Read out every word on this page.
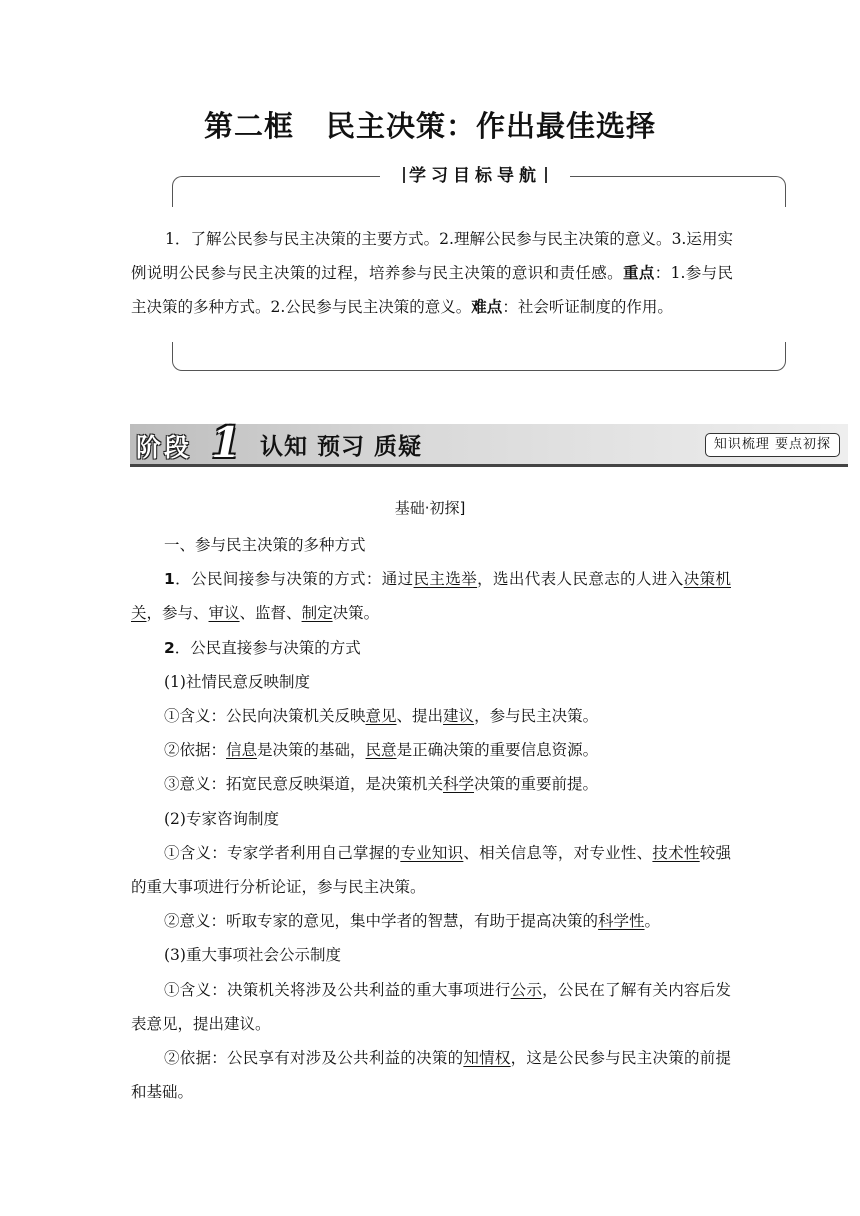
第二框 民主决策：作出最佳选择
学习目标导航
1．了解公民参与民主决策的主要方式。2.理解公民参与民主决策的意义。3.运用实例说明公民参与民主决策的过程，培养参与民主决策的意识和责任感。重点：1.参与民主决策的多种方式。2.公民参与民主决策的意义。难点：社会听证制度的作用。
阶段 1 认知 预习 质疑	知识梳理 要点初探
基础·初探]

一、参与民主决策的多种方式

1．公民间接参与决策的方式：通过民主选举，选出代表人民意志的人进入决策机关，参与、审议、监督、制定决策。

2．公民直接参与决策的方式

(1)社情民意反映制度

①含义：公民向决策机关反映意见、提出建议，参与民主决策。

②依据：信息是决策的基础，民意是正确决策的重要信息资源。

③意义：拓宽民意反映渠道，是决策机关科学决策的重要前提。

(2)专家咨询制度

①含义：专家学者利用自己掌握的专业知识、相关信息等，对专业性、技术性较强的重大事项进行分析论证，参与民主决策。

②意义：听取专家的意见，集中学者的智慧，有助于提高决策的科学性。

(3)重大事项社会公示制度

①含义：决策机关将涉及公共利益的重大事项进行公示，公民在了解有关内容后发表意见，提出建议。

②依据：公民享有对涉及公共利益的决策的知情权，这是公民参与民主决策的前提和基础。
